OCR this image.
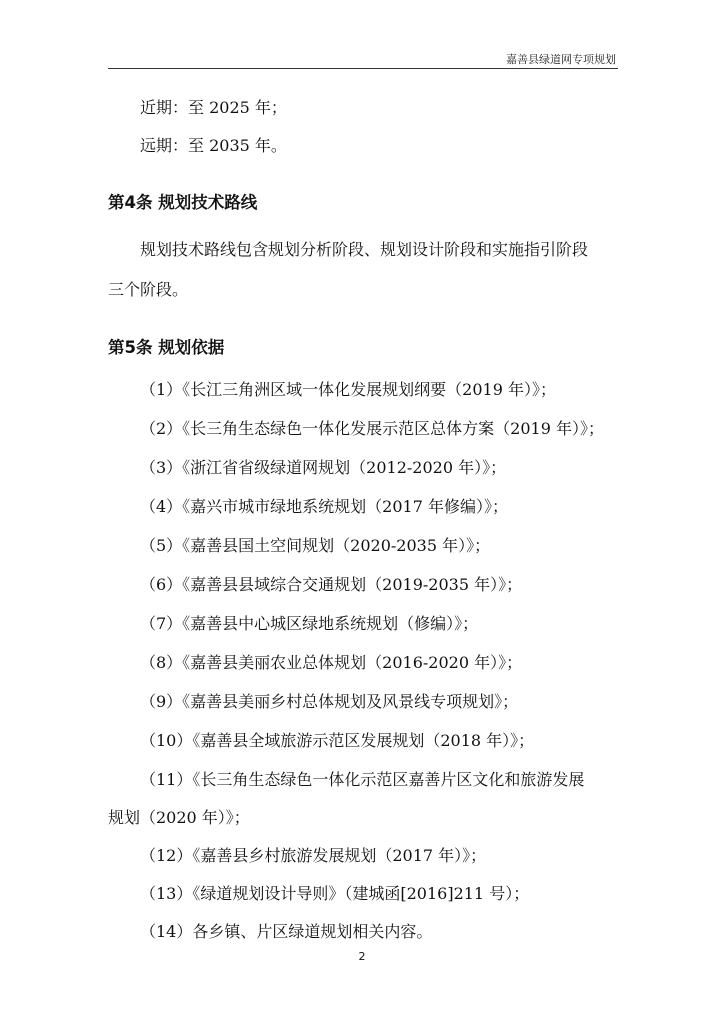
嘉善县绿道网专项规划
近期：至 2025 年；
远期：至 2035 年。
第4条 规划技术路线
规划技术路线包含规划分析阶段、规划设计阶段和实施指引阶段
三个阶段。
第5条 规划依据
（1）《长江三角洲区域一体化发展规划纲要（2019 年）》；
（2）《长三角生态绿色一体化发展示范区总体方案（2019 年）》；
（3）《浙江省省级绿道网规划（2012-2020 年）》；
（4）《嘉兴市城市绿地系统规划（2017 年修编）》；
（5）《嘉善县国土空间规划（2020-2035 年）》；
（6）《嘉善县县域综合交通规划（2019-2035 年）》；
（7）《嘉善县中心城区绿地系统规划（修编）》；
（8）《嘉善县美丽农业总体规划（2016-2020 年）》；
（9）《嘉善县美丽乡村总体规划及风景线专项规划》；
（10）《嘉善县全域旅游示范区发展规划（2018 年）》；
（11）《长三角生态绿色一体化示范区嘉善片区文化和旅游发展
规划（2020 年）》；
（12）《嘉善县乡村旅游发展规划（2017 年）》；
（13）《绿道规划设计导则》（建城函[2016]211 号）；
（14）各乡镇、片区绿道规划相关内容。
2
